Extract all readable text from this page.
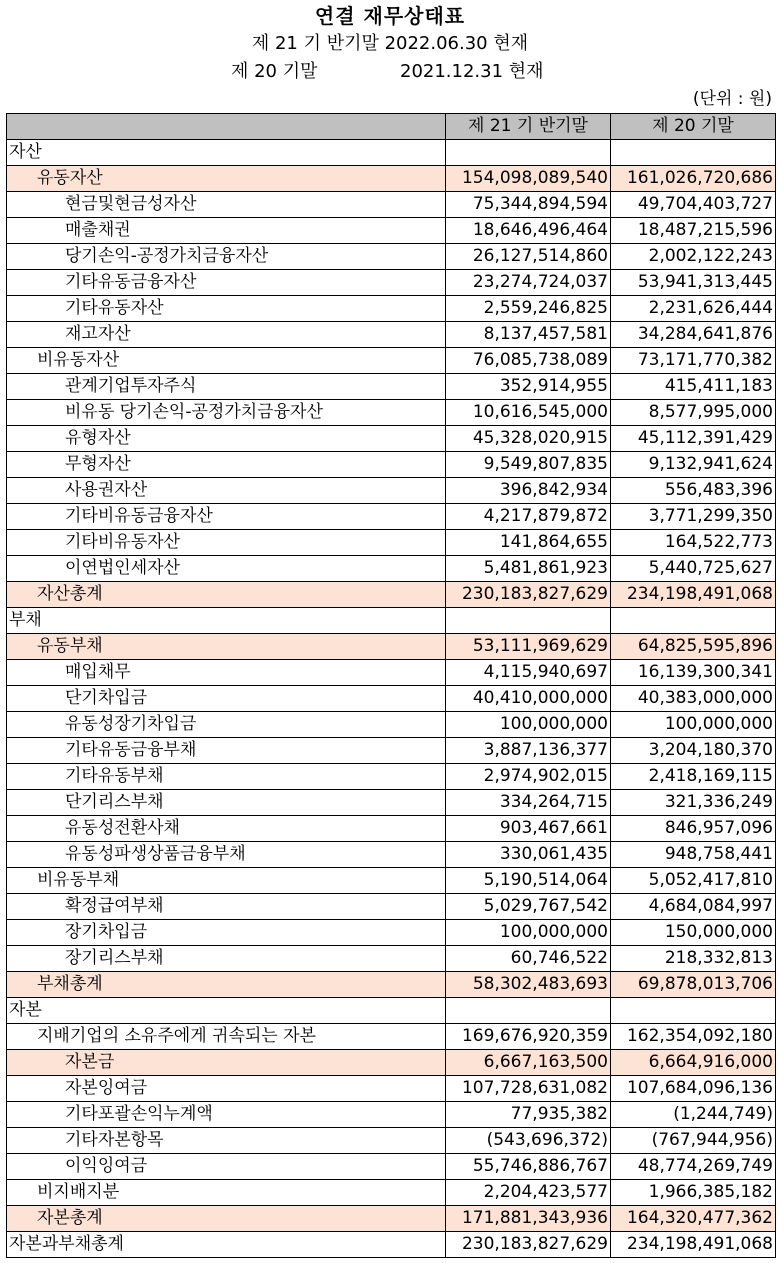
연결 재무상태표
제 21 기 반기말 2022.06.30 현재
제 20 기말	2021.12.31 현재
(단위 : 원)
	제 21 기 반기말	제 20 기말
자산		
유동자산	154,098,089,540	161,026,720,686
현금및현금성자산	75,344,894,594	49,704,403,727
매출채권	18,646,496,464	18,487,215,596
당기손익-공정가치금융자산	26,127,514,860	2,002,122,243
기타유동금융자산	23,274,724,037	53,941,313,445
기타유동자산	2,559,246,825	2,231,626,444
재고자산	8,137,457,581	34,284,641,876
비유동자산	76,085,738,089	73,171,770,382
관계기업투자주식	352,914,955	415,411,183
비유동 당기손익-공정가치금융자산	10,616,545,000	8,577,995,000
유형자산	45,328,020,915	45,112,391,429
무형자산	9,549,807,835	9,132,941,624
사용권자산	396,842,934	556,483,396
기타비유동금융자산	4,217,879,872	3,771,299,350
기타비유동자산	141,864,655	164,522,773
이연법인세자산	5,481,861,923	5,440,725,627
자산총계	230,183,827,629	234,198,491,068
부채		
유동부채	53,111,969,629	64,825,595,896
매입채무	4,115,940,697	16,139,300,341
단기차입금	40,410,000,000	40,383,000,000
유동성장기차입금	100,000,000	100,000,000
기타유동금융부채	3,887,136,377	3,204,180,370
기타유동부채	2,974,902,015	2,418,169,115
단기리스부채	334,264,715	321,336,249
유동성전환사채	903,467,661	846,957,096
유동성파생상품금융부채	330,061,435	948,758,441
비유동부채	5,190,514,064	5,052,417,810
확정급여부채	5,029,767,542	4,684,084,997
장기차입금	100,000,000	150,000,000
장기리스부채	60,746,522	218,332,813
부채총계	58,302,483,693	69,878,013,706
자본		
지배기업의 소유주에게 귀속되는 자본	169,676,920,359	162,354,092,180
자본금	6,667,163,500	6,664,916,000
자본잉여금	107,728,631,082	107,684,096,136
기타포괄손익누계액	77,935,382	(1,244,749)
기타자본항목	(543,696,372)	(767,944,956)
이익잉여금	55,746,886,767	48,774,269,749
비지배지분	2,204,423,577	1,966,385,182
자본총계	171,881,343,936	164,320,477,362
자본과부채총계	230,183,827,629	234,198,491,068
